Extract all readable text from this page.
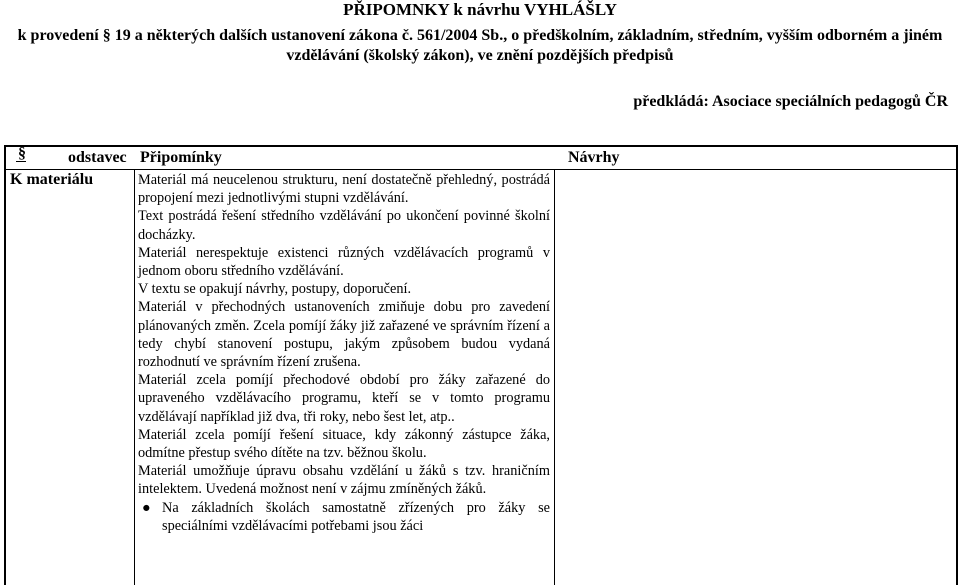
PŘIPOMNKY k návrhu VYHLÁŠLY
k provedení § 19 a některých dalších ustanovení zákona č. 561/2004 Sb., o předškolním, základním, středním, vyšším odborném a jiném vzdělávání (školský zákon), ve znění pozdějších předpisů
předkládá: Asociace speciálních pedagogů ČR
§	odstavec Připomínky	Návrhy
K materiálu	Materiál má neucelenou strukturu, není dostatečně přehledný, postrádá propojení mezi jednotlivými stupni vzdělávání.

Text postrádá řešení středního vzdělávání po ukončení povinné školní docházky.

Materiál nerespektuje existenci různých vzdělávacích programů v jednom oboru středního vzdělávání.

V textu se opakují návrhy, postupy, doporučení.

Materiál v přechodných ustanoveních zmiňuje dobu pro zavedení plánovaných změn. Zcela pomíjí žáky již zařazené ve správním řízení a tedy chybí stanovení postupu, jakým způsobem budou vydaná rozhodnutí ve správním řízení zrušena.

Materiál zcela pomíjí přechodové období pro žáky zařazené do upraveného vzdělávacího programu, kteří se v tomto programu vzdělávají například již dva, tři roky, nebo šest let, atp..

Materiál zcela pomíjí řešení situace, kdy zákonný zástupce žáka, odmítne přestup svého dítěte na tzv. běžnou školu.

Materiál umožňuje úpravu obsahu vzdělání u žáků s tzv. hraničním intelektem. Uvedená možnost není v zájmu zmíněných žáků.

● Na základních školách samostatně zřízených pro žáky se speciálními vzdělávacími potřebami jsou žáci
